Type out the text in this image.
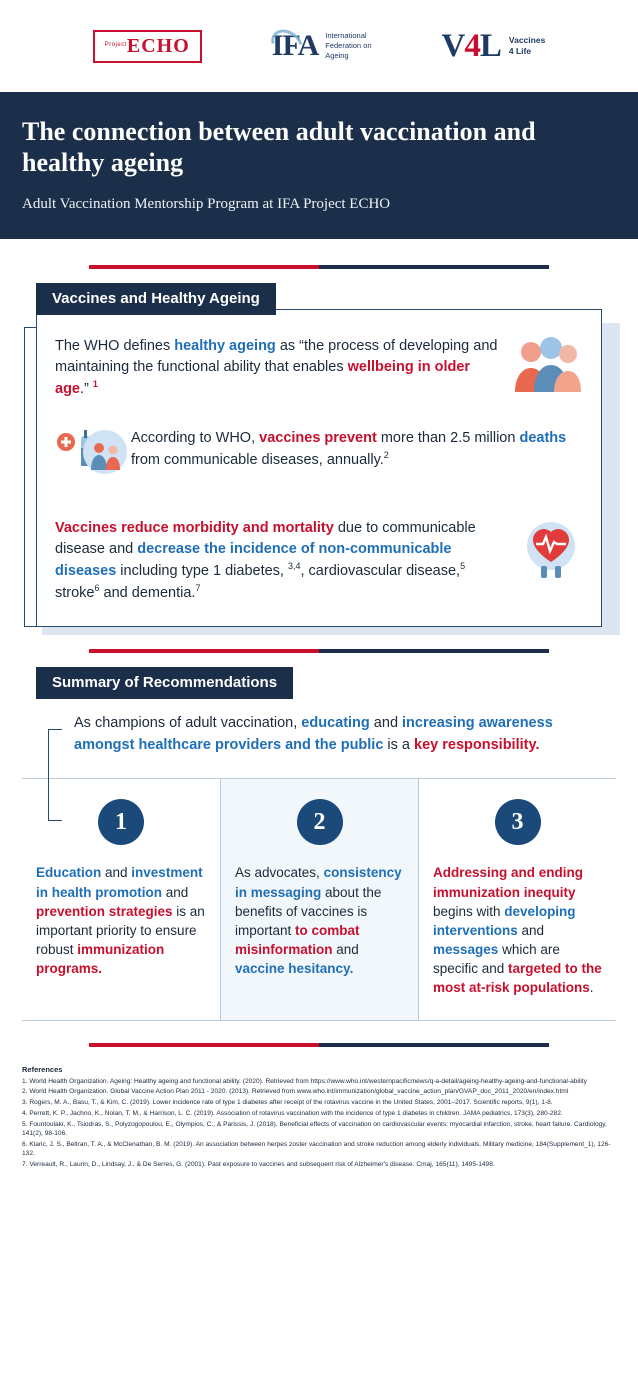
Project ECHO	IFA International
Federation on
Ageing	V4L Vaccines
4 Life
The connection between adult vaccination and healthy ageing
Adult Vaccination Mentorship Program at IFA Project ECHO
Vaccines and Healthy Ageing

The WHO defines healthy ageing as “the process of developing and maintaining the functional ability that enables wellbeing in older age.” $^1$

According to WHO, vaccines prevent more than 2.5 million deaths from communicable diseases, annually.$^2$

Vaccines reduce morbidity and mortality due to communicable disease and decrease the incidence of non-communicable diseases including type 1 diabetes, $^{3,4}$, cardiovascular disease,$^5$ stroke$^6$ and dementia.$^7$

Summary of Recommendations

As champions of adult vaccination, educating and increasing awareness amongst healthcare providers and the public is a key responsibility.

1

Education and investment in health promotion and prevention strategies is an important priority to ensure robust immunization programs.

2

As advocates, consistency in messaging about the benefits of vaccines is important to combat misinformation and vaccine hesitancy.

3

Addressing and ending immunization inequity begins with developing interventions and messages which are specific and targeted to the most at-risk populations.

References

1. World Health Organization. Ageing: Healthy ageing and functional ability. (2020). Retrieved from https://www.who.int/westernpacific/news/q-a-detail/ageing-healthy-ageing-and-functional-ability

2. World Health Organization. Global Vaccine Action Plan 2011 - 2020. (2013). Retrieved from www.who.int/immunization/global_vaccine_action_plan/GVAP_doc_2011_2020/en/index.html

3. Rogers, M. A., Basu, T., & Kim, C. (2019). Lower incidence rate of type 1 diabetes after receipt of the rotavirus vaccine in the United States, 2001–2017. Scientific reports, 9(1), 1-8.

4. Perrett, K. P., Jachno, K., Nolan, T. M., & Harrison, L. C. (2019). Association of rotavirus vaccination with the incidence of type 1 diabetes in children. JAMA pediatrics, 173(3), 280-282.

5. Fountoulaki, K., Tsiodras, S., Polyzogopoulou, E., Olympios, C., & Parissis, J. (2018). Beneficial effects of vaccination on cardiovascular events: myocardial infarction, stroke, heart failure. Cardiology, 141(2), 98-106.

6. Klaric, J. S., Beltran, T. A., & McClenathan, B. M. (2019). An association between herpes zoster vaccination and stroke reduction among elderly individuals. Military medicine, 184(Supplement_1), 126-132.

7. Verreault, R., Laurin, D., Lindsay, J., & De Serres, G. (2001). Past exposure to vaccines and subsequent risk of Alzheimer's disease. Cmaj, 165(11), 1495-1498.
